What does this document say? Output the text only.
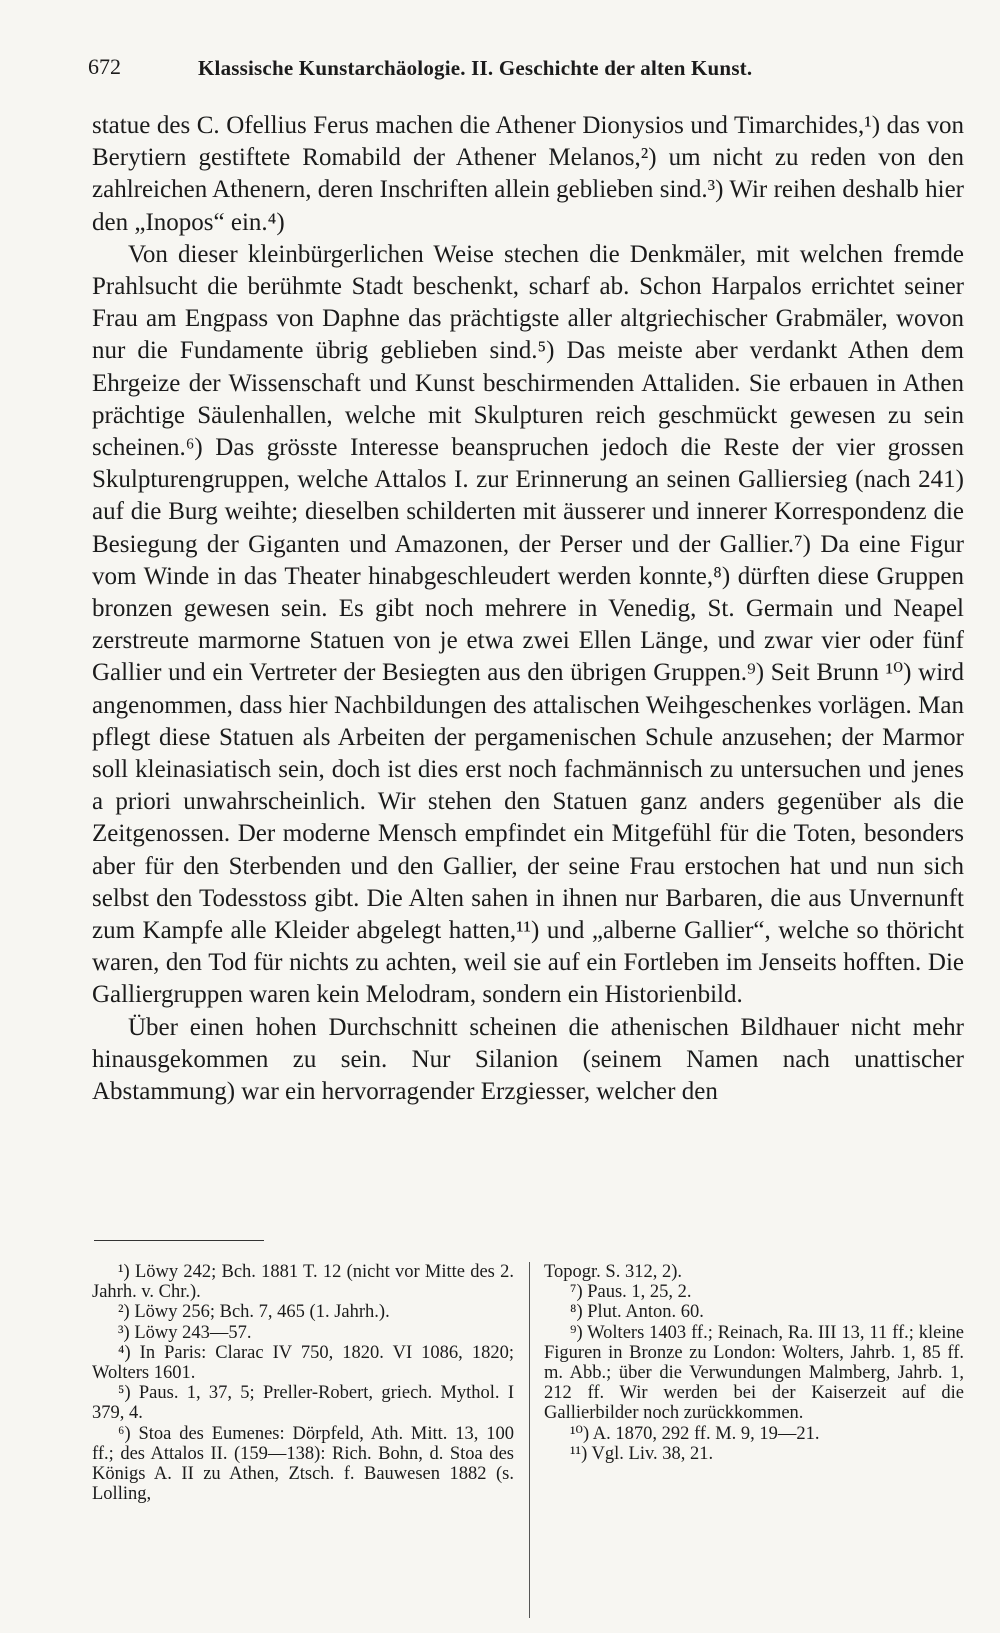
672	Klassische Kunstarchäologie. II. Geschichte der alten Kunst.

statue des C. Ofellius Ferus machen die Athener Dionysios und Timarchides,¹) das von Berytiern gestiftete Romabild der Athener Melanos,²) um nicht zu reden von den zahlreichen Athenern, deren Inschriften allein geblieben sind.³) Wir reihen deshalb hier den „Inopos“ ein.⁴)

Von dieser kleinbürgerlichen Weise stechen die Denkmäler, mit welchen fremde Prahlsucht die berühmte Stadt beschenkt, scharf ab. Schon Harpalos errichtet seiner Frau am Engpass von Daphne das prächtigste aller altgriechischer Grabmäler, wovon nur die Fundamente übrig geblieben sind.⁵) Das meiste aber verdankt Athen dem Ehrgeize der Wissenschaft und Kunst beschirmenden Attaliden. Sie erbauen in Athen prächtige Säulenhallen, welche mit Skulpturen reich geschmückt gewesen zu sein scheinen.⁶) Das grösste Interesse beanspruchen jedoch die Reste der vier grossen Skulpturengruppen, welche Attalos I. zur Erinnerung an seinen Galliersieg (nach 241) auf die Burg weihte; dieselben schilderten mit äusserer und innerer Korrespondenz die Besiegung der Giganten und Amazonen, der Perser und der Gallier.⁷) Da eine Figur vom Winde in das Theater hinabgeschleudert werden konnte,⁸) dürften diese Gruppen bronzen gewesen sein. Es gibt noch mehrere in Venedig, St. Germain und Neapel zerstreute marmorne Statuen von je etwa zwei Ellen Länge, und zwar vier oder fünf Gallier und ein Vertreter der Besiegten aus den übrigen Gruppen.⁹) Seit Brunn ¹⁰) wird angenommen, dass hier Nachbildungen des attalischen Weihgeschenkes vorlägen. Man pflegt diese Statuen als Arbeiten der pergamenischen Schule anzusehen; der Marmor soll kleinasiatisch sein, doch ist dies erst noch fachmännisch zu untersuchen und jenes a priori unwahrscheinlich. Wir stehen den Statuen ganz anders gegenüber als die Zeitgenossen. Der moderne Mensch empfindet ein Mitgefühl für die Toten, besonders aber für den Sterbenden und den Gallier, der seine Frau erstochen hat und nun sich selbst den Todesstoss gibt. Die Alten sahen in ihnen nur Barbaren, die aus Unvernunft zum Kampfe alle Kleider abgelegt hatten,¹¹) und „alberne Gallier“, welche so thöricht waren, den Tod für nichts zu achten, weil sie auf ein Fortleben im Jenseits hofften. Die Galliergruppen waren kein Melodram, sondern ein Historienbild.

Über einen hohen Durchschnitt scheinen die athenischen Bildhauer nicht mehr hinausgekommen zu sein. Nur Silanion (seinem Namen nach unattischer Abstammung) war ein hervorragender Erzgiesser, welcher den

¹) Löwy 242; Bch. 1881 T. 12 (nicht vor Mitte des 2. Jahrh. v. Chr.).

²) Löwy 256; Bch. 7, 465 (1. Jahrh.).

³) Löwy 243—57.

⁴) In Paris: Clarac IV 750, 1820. VI 1086, 1820; Wolters 1601.

⁵) Paus. 1, 37, 5; Preller-Robert, griech. Mythol. I 379, 4.

⁶) Stoa des Eumenes: Dörpfeld, Ath. Mitt. 13, 100 ff.; des Attalos II. (159—138): Rich. Bohn, d. Stoa des Königs A. II zu Athen, Ztsch. f. Bauwesen 1882 (s. Lolling,

Topogr. S. 312, 2).

⁷) Paus. 1, 25, 2.

⁸) Plut. Anton. 60.

⁹) Wolters 1403 ff.; Reinach, Ra. III 13, 11 ff.; kleine Figuren in Bronze zu London: Wolters, Jahrb. 1, 85 ff. m. Abb.; über die Verwundungen Malmberg, Jahrb. 1, 212 ff. Wir werden bei der Kaiserzeit auf die Gallierbilder noch zurückkommen.

¹⁰) A. 1870, 292 ff. M. 9, 19—21.

¹¹) Vgl. Liv. 38, 21.
